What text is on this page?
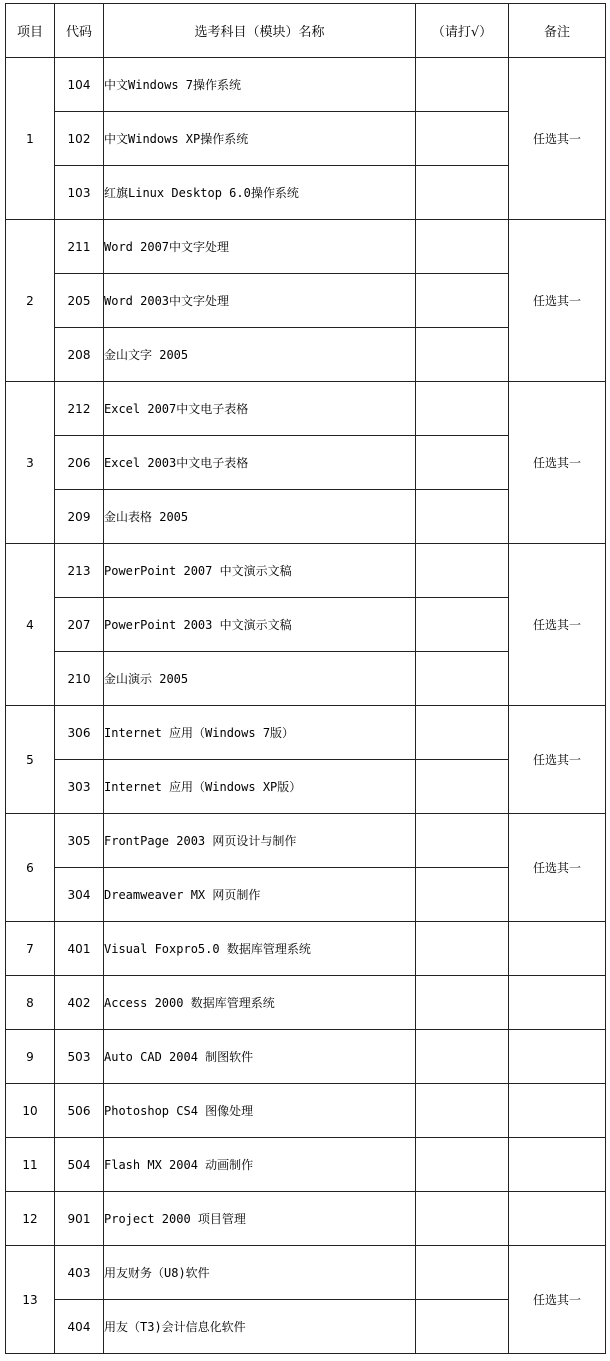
项目	代码	选考科目（模块）名称	（请打√）	备注
1	104	中文Windows 7操作系统		任选其一
	102	中文Windows XP操作系统		
	103	红旗Linux Desktop 6.0操作系统		
2	211	Word 2007中文字处理		任选其一
	205	Word 2003中文字处理		
	208	金山文字 2005		
3	212	Excel 2007中文电子表格		任选其一
	206	Excel 2003中文电子表格		
	209	金山表格 2005		
4	213	PowerPoint 2007 中文演示文稿		任选其一
	207	PowerPoint 2003 中文演示文稿		
	210	金山演示 2005		
5	306	Internet 应用（Windows 7版）		任选其一
	303	Internet 应用（Windows XP版）		
6	305	FrontPage 2003 网页设计与制作		任选其一
	304	Dreamweaver MX 网页制作		
7	401	Visual Foxpro5.0 数据库管理系统		
8	402	Access 2000 数据库管理系统		
9	503	Auto CAD 2004 制图软件		
10	506	Photoshop CS4 图像处理		
11	504	Flash MX 2004 动画制作		
12	901	Project 2000 项目管理		
13	403	用友财务（U8)软件		任选其一
	404	用友（T3)会计信息化软件		
